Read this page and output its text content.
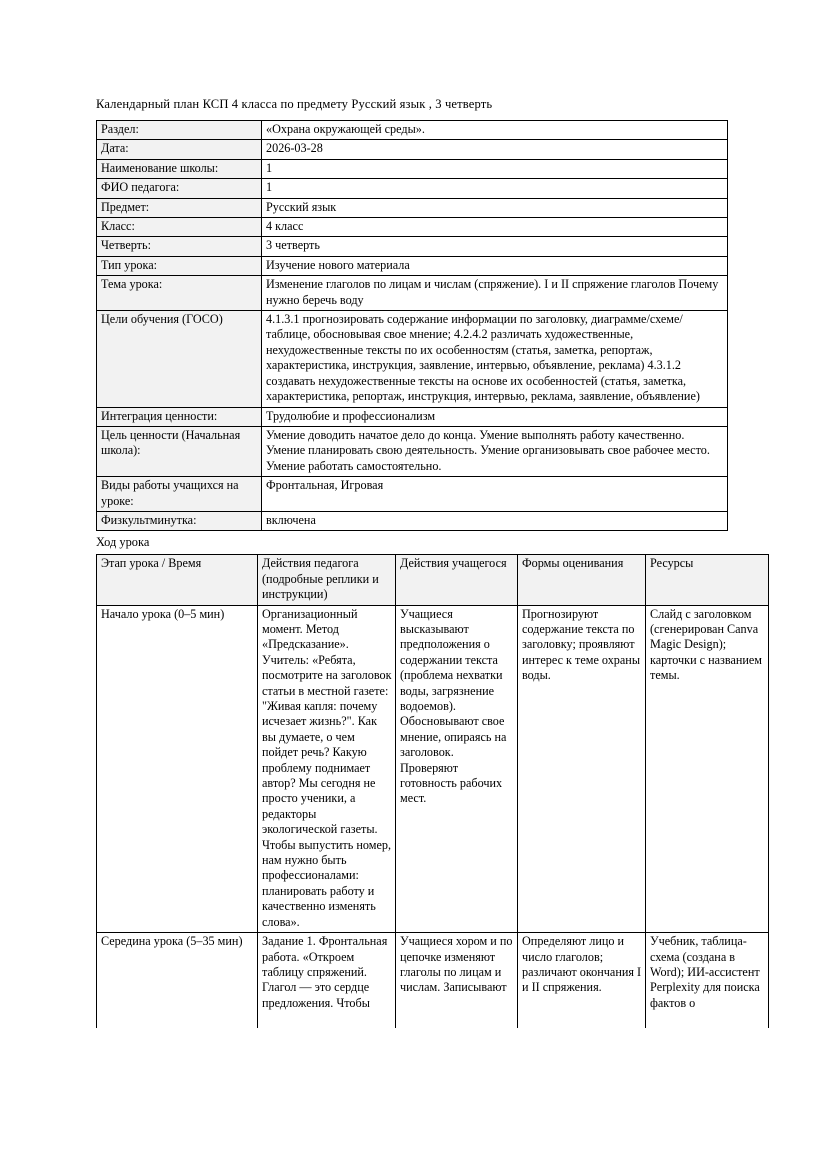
Календарный план КСП 4 класса по предмету Русский язык , 3 четверть

Раздел:	«Охрана окружающей среды».
Дата:	2026-03-28
Наименование школы:	1
ФИО педагога:	1
Предмет:	Русский язык
Класс:	4 класс
Четверть:	3 четверть
Тип урока:	Изучение нового материала
Тема урока:	Изменение глаголов по лицам и числам (спряжение). I и II спряжение глаголов Почему нужно беречь воду
Цели обучения (ГОСО)	4.1.3.1 прогнозировать содержание информации по заголовку, диаграмме/схеме/таблице, обосновывая свое мнение; 4.2.4.2 различать художественные, нехудожественные тексты по их особенностям (статья, заметка, репортаж, характеристика, инструкция, заявление, интервью, объявление, реклама) 4.3.1.2 создавать нехудожественные тексты на основе их особенностей (статья, заметка, характеристика, репортаж, инструкция, интервью, реклама, заявление, объявление)
Интеграция ценности:	Трудолюбие и профессионализм
Цель ценности (Начальная школа):	Умение доводить начатое дело до конца. Умение выполнять работу качественно. Умение планировать свою деятельность. Умение организовывать свое рабочее место. Умение работать самостоятельно.
Виды работы учащихся на уроке:	Фронтальная, Игровая
Физкультминутка:	включена

Ход урока

Этап урока / Время	Действия педагога (подробные реплики и инструкции)	Действия учащегося	Формы оценивания	Ресурсы
Начало урока (0–5 мин)	Организационный момент. Метод «Предсказание». Учитель: «Ребята, посмотрите на заголовок статьи в местной газете: "Живая капля: почему исчезает жизнь?". Как вы думаете, о чем пойдет речь? Какую проблему поднимает автор? Мы сегодня не просто ученики, а редакторы экологической газеты. Чтобы выпустить номер, нам нужно быть профессионалами: планировать работу и качественно изменять слова».	Учащиеся высказывают предположения о содержании текста (проблема нехватки воды, загрязнение водоемов). Обосновывают свое мнение, опираясь на заголовок. Проверяют готовность рабочих мест.	Прогнозируют содержание текста по заголовку; проявляют интерес к теме охраны воды.	Слайд с заголовком (сгенерирован Canva Magic Design); карточки с названием темы.
Середина урока (5–35 мин)	Задание 1. Фронтальная работа. «Откроем таблицу спряжений. Глагол — это сердце предложения. Чтобы	Учащиеся хором и по цепочке изменяют глаголы по лицам и числам. Записывают	Определяют лицо и число глаголов; различают окончания I и II спряжения.	Учебник, таблица-схема (создана в Word); ИИ-ассистент Perplexity для поиска фактов о
